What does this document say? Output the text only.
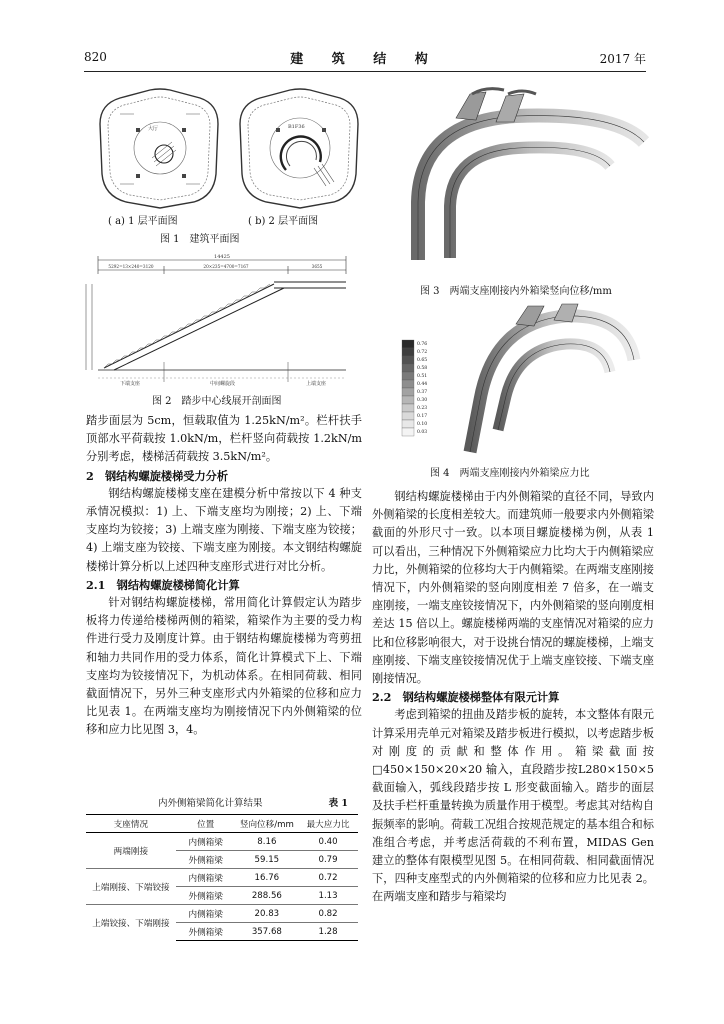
820	建 筑 结 构	2017 年
大厅	B1F36
( a) 1 层平面图	( b) 2 层平面图
图 1　建筑平面图
14425
5292=13×240=3120	20×235=4700=7167	3655
下端支座	中间螺旋段	上端支座
图 2　踏步中心线展开剖面图
图 3　两端支座刚接内外箱梁竖向位移/mm
0.76
0.72
0.65
0.58
0.51
0.44
0.37
0.30
0.23
0.17
0.10
0.03
图 4　两端支座刚接内外箱梁应力比

踏步面层为 5cm，恒载取值为 1.25kN/m²。栏杆扶手顶部水平荷载按 1.0kN/m，栏杆竖向荷载按 1.2kN/m 分别考虑，楼梯活荷载按 3.5kN/m²。

2　钢结构螺旋楼梯受力分析

钢结构螺旋楼梯支座在建模分析中常按以下 4 种支承情况模拟：1) 上、下端支座均为刚接；2) 上、下端支座均为铰接；3) 上端支座为刚接、下端支座为铰接；4) 上端支座为铰接、下端支座为刚接。本文钢结构螺旋楼梯计算分析以上述四种支座形式进行对比分析。

2.1　钢结构螺旋楼梯简化计算

针对钢结构螺旋楼梯，常用简化计算假定认为踏步板将力传递给楼梯两侧的箱梁，箱梁作为主要的受力构件进行受力及刚度计算。由于钢结构螺旋楼梯为弯剪扭和轴力共同作用的受力体系，简化计算模式下上、下端支座均为铰接情况下，为机动体系。在相同荷载、相同截面情况下，另外三种支座形式内外箱梁的位移和应力比见表 1。在两端支座均为刚接情况下内外侧箱梁的位移和应力比见图 3，4。

内外侧箱梁简化计算结果	表 1
支座情况	位置	竖向位移/mm	最大应力比
两端刚接	内侧箱梁	8.16	0.40
	外侧箱梁	59.15	0.79
上端刚接、下端铰接	内侧箱梁	16.76	0.72
	外侧箱梁	288.56	1.13
上端铰接、下端刚接	内侧箱梁	20.83	0.82
	外侧箱梁	357.68	1.28

钢结构螺旋楼梯由于内外侧箱梁的直径不同，导致内外侧箱梁的长度相差较大。而建筑师一般要求内外侧箱梁截面的外形尺寸一致。以本项目螺旋楼梯为例，从表 1 可以看出，三种情况下外侧箱梁应力比均大于内侧箱梁应力比，外侧箱梁的位移均大于内侧箱梁。在两端支座刚接情况下，内外侧箱梁的竖向刚度相差 7 倍多，在一端支座刚接，一端支座铰接情况下，内外侧箱梁的竖向刚度相差达 15 倍以上。螺旋楼梯两端的支座情况对箱梁的应力比和位移影响很大，对于设挑台情况的螺旋楼梯，上端支座刚接、下端支座铰接情况优于上端支座铰接、下端支座刚接情况。

2.2　钢结构螺旋楼梯整体有限元计算

考虑到箱梁的扭曲及踏步板的旋转，本文整体有限元计算采用壳单元对箱梁及踏步板进行模拟，以考虑踏步板对刚度的贡献和整体作用。箱梁截面按□450×150×20×20 输入，直段踏步按L280×150×5 截面输入，弧线段踏步按 L 形变截面输入。踏步的面层及扶手栏杆重量转换为质量作用于模型。考虑其对结构自振频率的影响。荷载工况组合按规范规定的基本组合和标准组合考虑，并考虑活荷载的不利布置，MIDAS Gen 建立的整体有限模型见图 5。在相同荷载、相同截面情况下，四种支座型式的内外侧箱梁的位移和应力比见表 2。在两端支座和踏步与箱梁均
